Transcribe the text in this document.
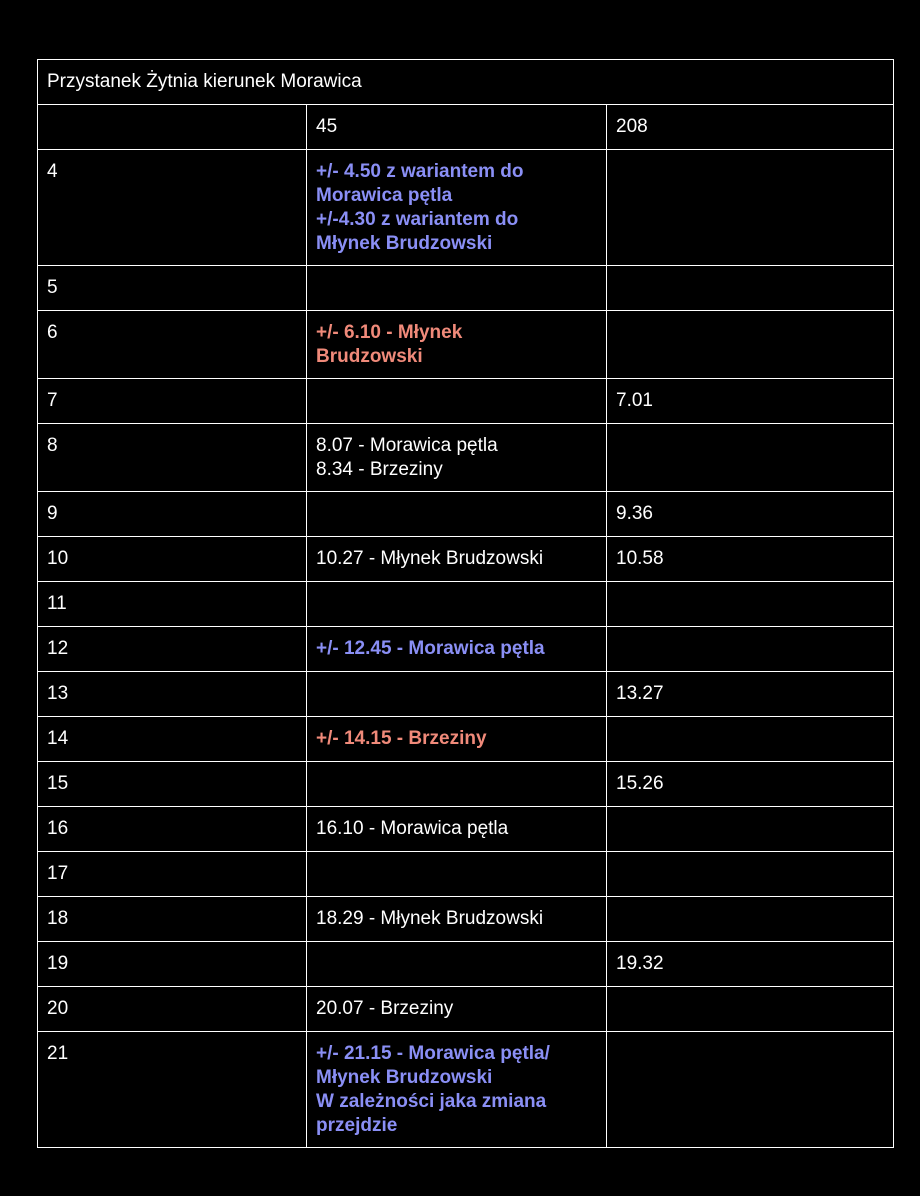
Przystanek Żytnia kierunek Morawica		
	45	208
4	+/- 4.50 z wariantem do
Morawica pętla
+/-4.30 z wariantem do
Młynek Brudzowski	

5		
6	+/- 6.10 - Młynek
Brudzowski	

7		7.01
8	8.07 - Morawica pętla
8.34 - Brzeziny	

9		9.36
10	10.27 - Młynek Brudzowski	10.58
11		
12	+/- 12.45 - Morawica pętla	

13		13.27
14	+/- 14.15 - Brzeziny	

15		15.26
16	16.10 - Morawica pętla	

17		
18	18.29 - Młynek Brudzowski	

19		19.32
20	20.07 - Brzeziny	

21	+/- 21.15 - Morawica pętla/
Młynek Brudzowski
W zależności jaka zmiana
przejdzie	
